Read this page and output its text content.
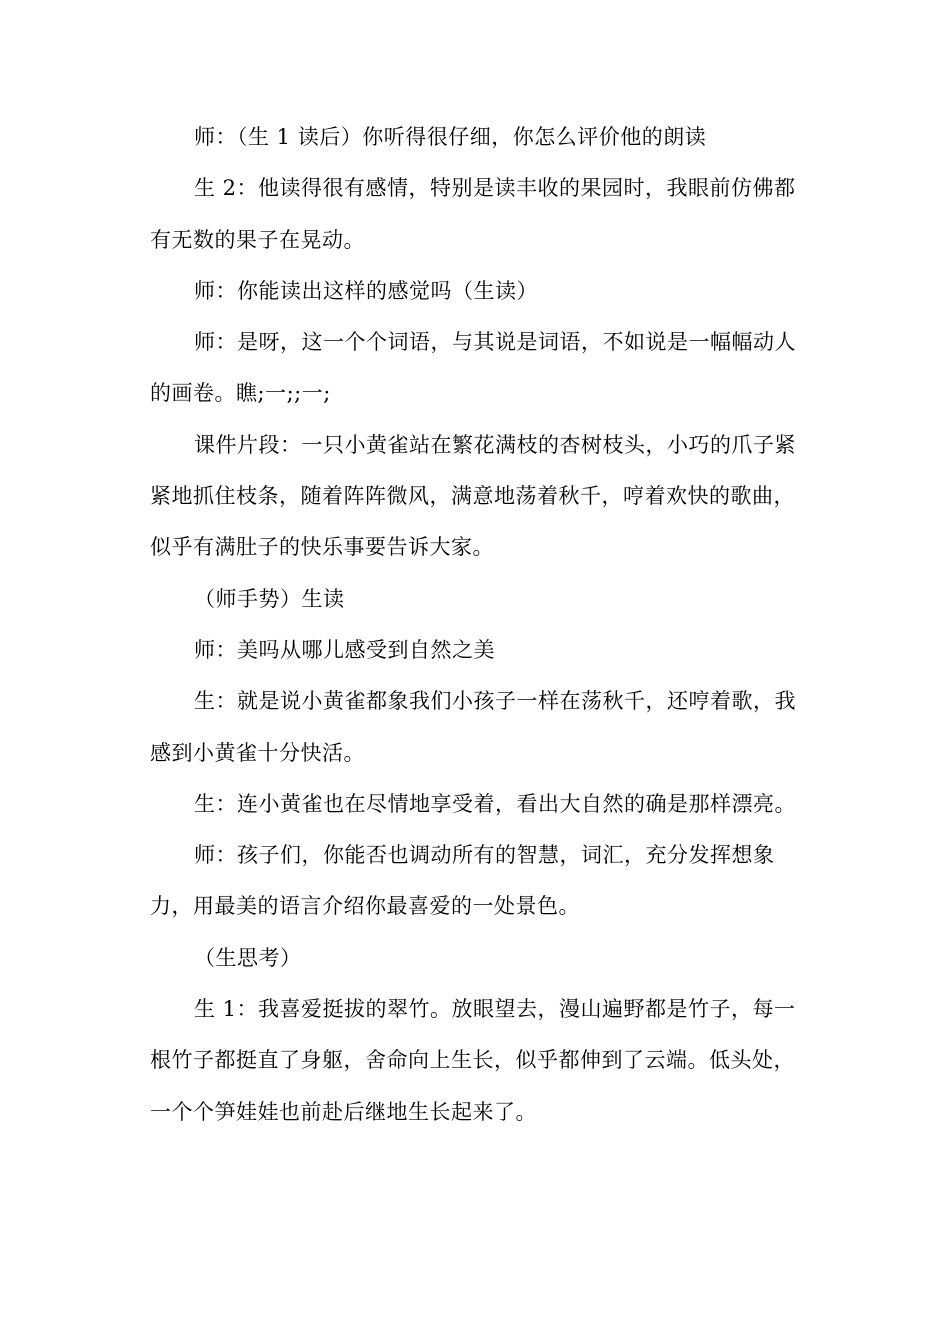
师：（生 1 读后）你听得很仔细，你怎么评价他的朗读

生 2：他读得很有感情，特别是读丰收的果园时，我眼前仿佛都有无数的果子在晃动。

师：你能读出这样的感觉吗（生读）

师：是呀，这一个个词语，与其说是词语，不如说是一幅幅动人的画卷。瞧;一;;一;

课件片段：一只小黄雀站在繁花满枝的杏树枝头，小巧的爪子紧紧地抓住枝条，随着阵阵微风，满意地荡着秋千，哼着欢快的歌曲，似乎有满肚子的快乐事要告诉大家。

（师手势）生读

师：美吗从哪儿感受到自然之美

生：就是说小黄雀都象我们小孩子一样在荡秋千，还哼着歌，我感到小黄雀十分快活。

生：连小黄雀也在尽情地享受着，看出大自然的确是那样漂亮。

师：孩子们，你能否也调动所有的智慧，词汇，充分发挥想象力，用最美的语言介绍你最喜爱的一处景色。

（生思考）

生 1：我喜爱挺拔的翠竹。放眼望去，漫山遍野都是竹子，每一根竹子都挺直了身躯，舍命向上生长，似乎都伸到了云端。低头处，一个个笋娃娃也前赴后继地生长起来了。
